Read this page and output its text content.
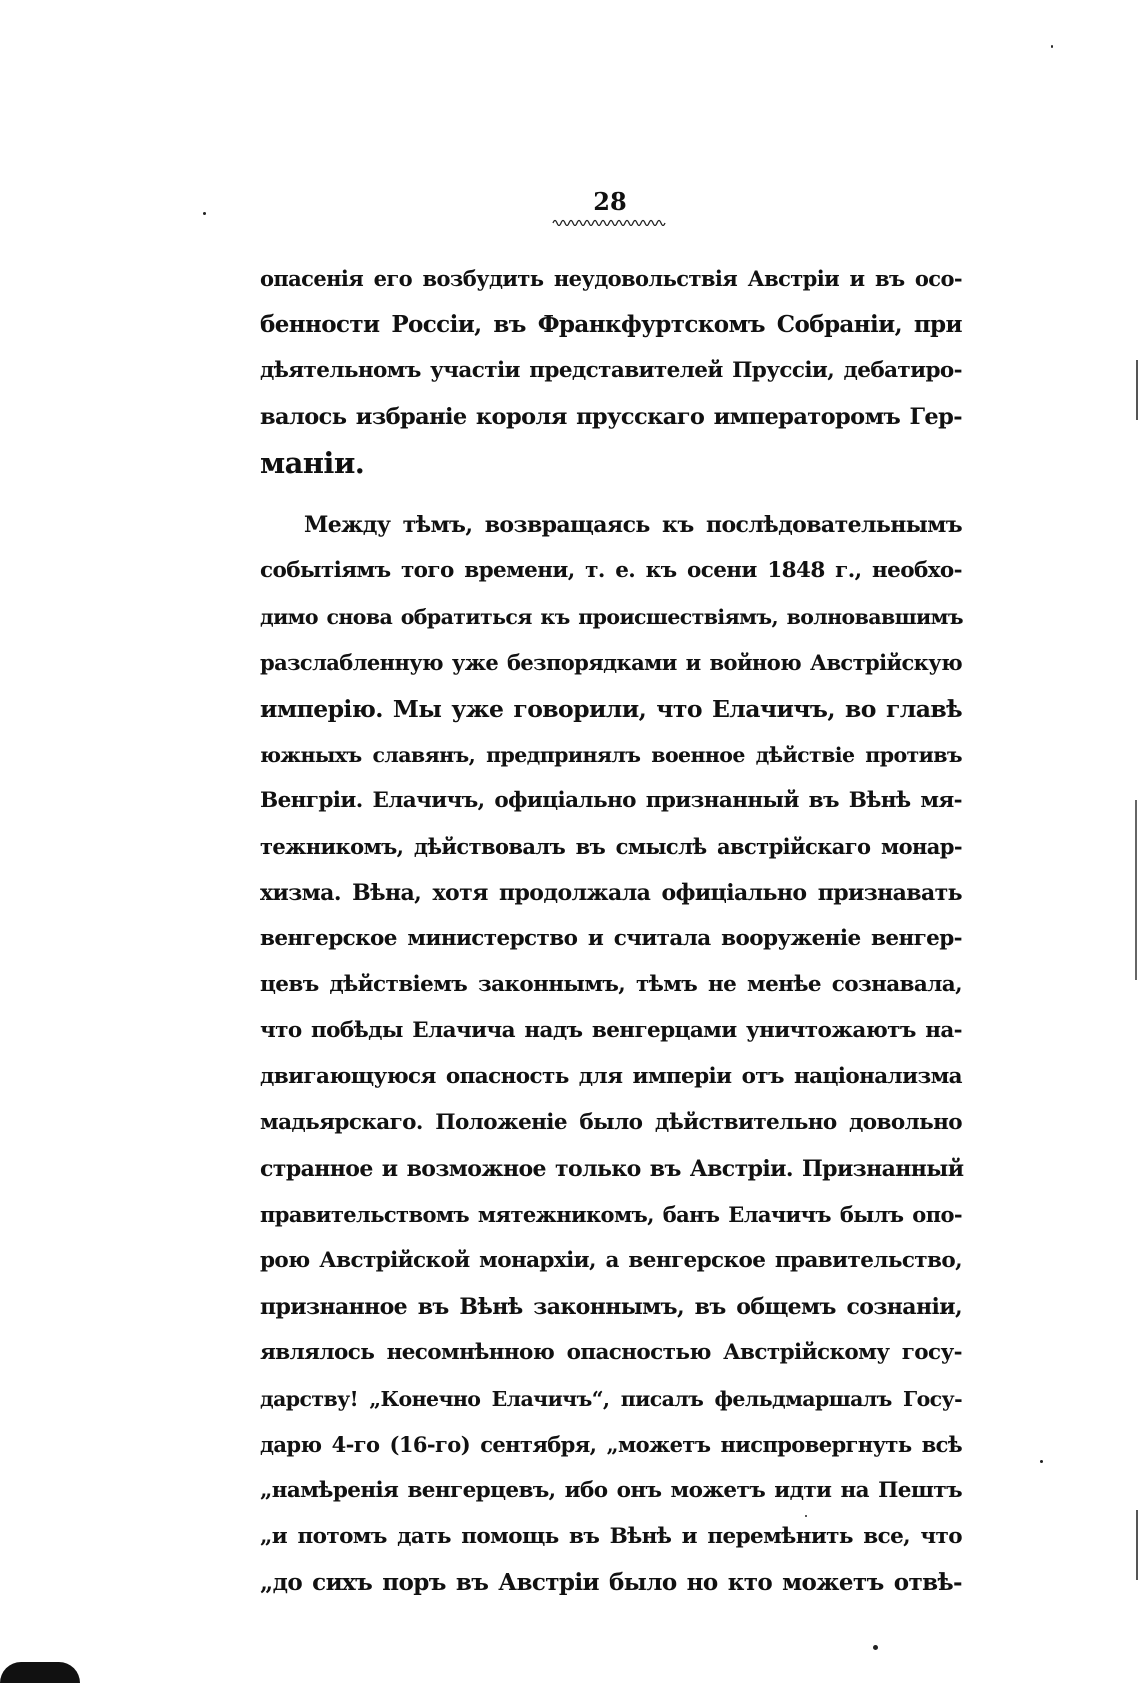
28
опасенія его возбудить неудовольствія Австріи и въ осо-
бенности Россіи, въ Франкфуртскомъ Собраніи, при
дѣятельномъ участіи представителей Пруссіи, дебатиро-
валось избраніе короля прусскаго императоромъ Гер-
маніи.
Между тѣмъ, возвращаясь къ послѣдовательнымъ
событіямъ того времени, т. е. къ осени 1848 г., необхо-
димо снова обратиться къ происшествіямъ, волновавшимъ
разслабленную уже безпорядками и войною Австрійскую
имперію. Мы уже говорили, что Елачичъ, во главѣ
южныхъ славянъ, предпринялъ военное дѣйствіе противъ
Венгріи. Елачичъ, офиціально признанный въ Вѣнѣ мя-
тежникомъ, дѣйствовалъ въ смыслѣ австрійскаго монар-
хизма. Вѣна, хотя продолжала офиціально признавать
венгерское министерство и считала вооруженіе венгер-
цевъ дѣйствіемъ законнымъ, тѣмъ не менѣе сознавала,
что побѣды Елачича надъ венгерцами уничтожаютъ на-
двигающуюся опасность для имперіи отъ націонализма
мадьярскаго. Положеніе было дѣйствительно довольно
странное и возможное только въ Австріи. Признанный
правительствомъ мятежникомъ, банъ Елачичъ былъ опо-
рою Австрійской монархіи, а венгерское правительство,
признанное въ Вѣнѣ законнымъ, въ общемъ сознаніи,
являлось несомнѣнною опасностью Австрійскому госу-
дарству! „Конечно Елачичъ“, писалъ фельдмаршалъ Госу-
дарю 4-го (16-го) сентября, „можетъ ниспровергнуть всѣ
„намѣренія венгерцевъ, ибо онъ можетъ идти на Пештъ
„и потомъ дать помощь въ Вѣнѣ и перемѣнить все, что
„до сихъ поръ въ Австріи было но кто можетъ отвѣ-
